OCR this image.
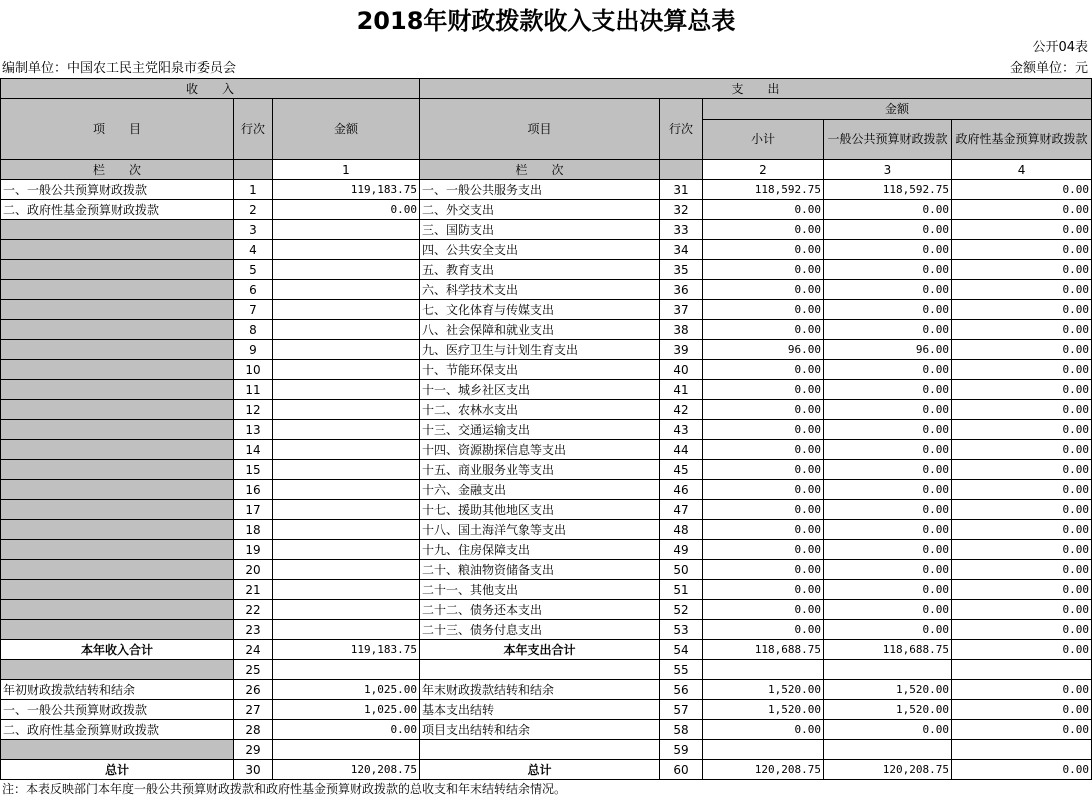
2018年财政拨款收入支出决算总表
公开04表
编制单位：中国农工民主党阳泉市委员会	金额单位：元
收　　入			支　　出				
项　　目	行次	金额	项目	行次	金额		
					小计	一般公共预算财政拨款	政府性基金预算财政拨款
栏　　次		1	栏　　次		2	3	4
一、一般公共预算财政拨款	1	119,183.75	一、一般公共服务支出	31	118,592.75	118,592.75	0.00
二、政府性基金预算财政拨款	2	0.00	二、外交支出	32	0.00	0.00	0.00
	3		三、国防支出	33	0.00	0.00	0.00
	4		四、公共安全支出	34	0.00	0.00	0.00
	5		五、教育支出	35	0.00	0.00	0.00
	6		六、科学技术支出	36	0.00	0.00	0.00
	7		七、文化体育与传媒支出	37	0.00	0.00	0.00
	8		八、社会保障和就业支出	38	0.00	0.00	0.00
	9		九、医疗卫生与计划生育支出	39	96.00	96.00	0.00
	10		十、节能环保支出	40	0.00	0.00	0.00
	11		十一、城乡社区支出	41	0.00	0.00	0.00
	12		十二、农林水支出	42	0.00	0.00	0.00
	13		十三、交通运输支出	43	0.00	0.00	0.00
	14		十四、资源勘探信息等支出	44	0.00	0.00	0.00
	15		十五、商业服务业等支出	45	0.00	0.00	0.00
	16		十六、金融支出	46	0.00	0.00	0.00
	17		十七、援助其他地区支出	47	0.00	0.00	0.00
	18		十八、国土海洋气象等支出	48	0.00	0.00	0.00
	19		十九、住房保障支出	49	0.00	0.00	0.00
	20		二十、粮油物资储备支出	50	0.00	0.00	0.00
	21		二十一、其他支出	51	0.00	0.00	0.00
	22		二十二、债务还本支出	52	0.00	0.00	0.00
	23		二十三、债务付息支出	53	0.00	0.00	0.00
本年收入合计	24	119,183.75	本年支出合计	54	118,688.75	118,688.75	0.00
	25			55			
年初财政拨款结转和结余	26	1,025.00	年末财政拨款结转和结余	56	1,520.00	1,520.00	0.00
一、一般公共预算财政拨款	27	1,025.00	基本支出结转	57	1,520.00	1,520.00	0.00
二、政府性基金预算财政拨款	28	0.00	项目支出结转和结余	58	0.00	0.00	0.00
	29			59			
总计	30	120,208.75	总计	60	120,208.75	120,208.75	0.00
注：本表反映部门本年度一般公共预算财政拨款和政府性基金预算财政拨款的总收支和年末结转结余情况。
